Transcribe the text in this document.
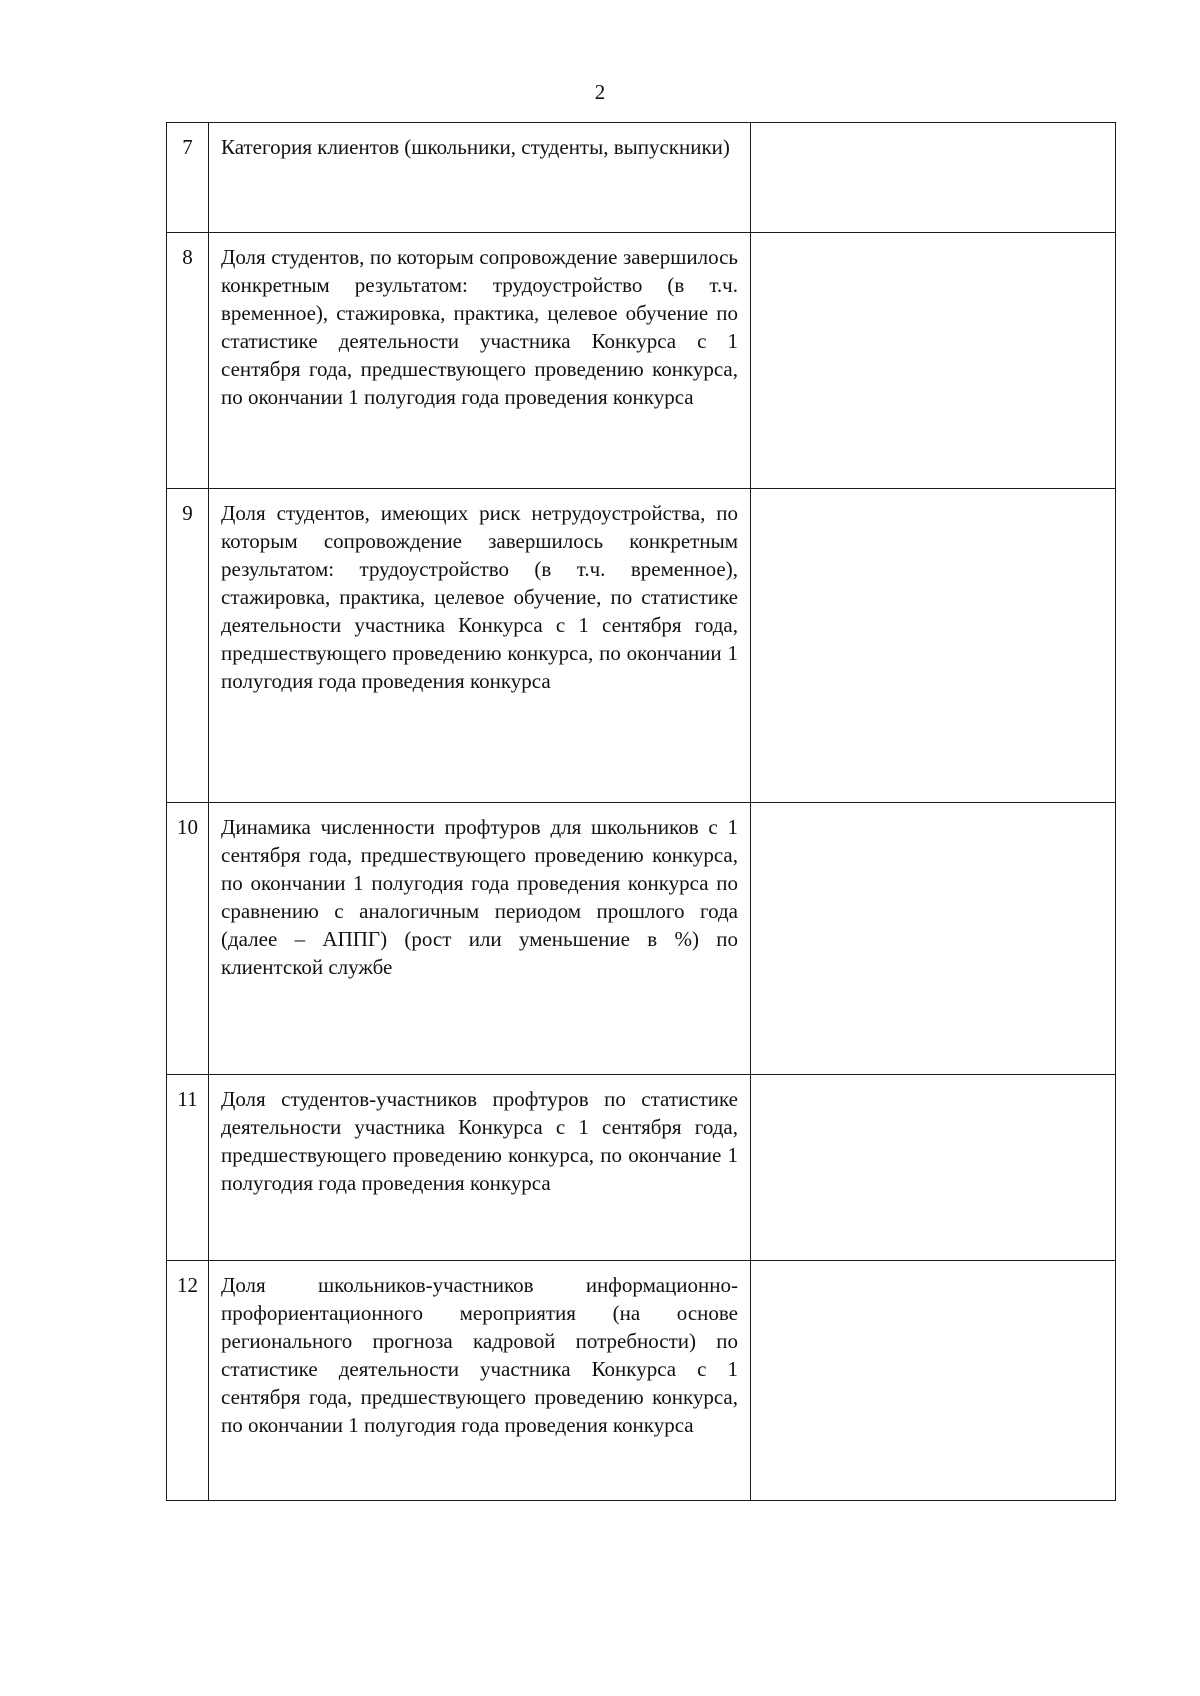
2
7	Категория клиентов (школьники, студенты, выпускники)	
8	Доля студентов, по которым сопровождение завершилось конкретным результатом: трудоустройство (в т.ч. временное), стажировка, практика, целевое обучение по статистике деятельности участника Конкурса с 1 сентября года, предшествующего проведению конкурса, по окончании 1 полугодия года проведения конкурса	
9	Доля студентов, имеющих риск нетрудоустройства, по которым сопровождение завершилось конкретным результатом: трудоустройство (в т.ч. временное), стажировка, практика, целевое обучение, по статистике деятельности участника Конкурса с 1 сентября года, предшествующего проведению конкурса, по окончании 1 полугодия года проведения конкурса	
10	Динамика численности профтуров для школьников с 1 сентября года, предшествующего проведению конкурса, по окончании 1 полугодия года проведения конкурса по сравнению с аналогичным периодом прошлого года (далее – АППГ) (рост или уменьшение в %) по клиентской службе	
11	Доля студентов-участников профтуров по статистике деятельности участника Конкурса с 1 сентября года, предшествующего проведению конкурса, по окончание 1 полугодия года проведения конкурса	
12	Доля школьников-участников информационно-профориентационного мероприятия (на основе регионального прогноза кадровой потребности) по статистике деятельности участника Конкурса с 1 сентября года, предшествующего проведению конкурса, по окончании 1 полугодия года проведения конкурса	
